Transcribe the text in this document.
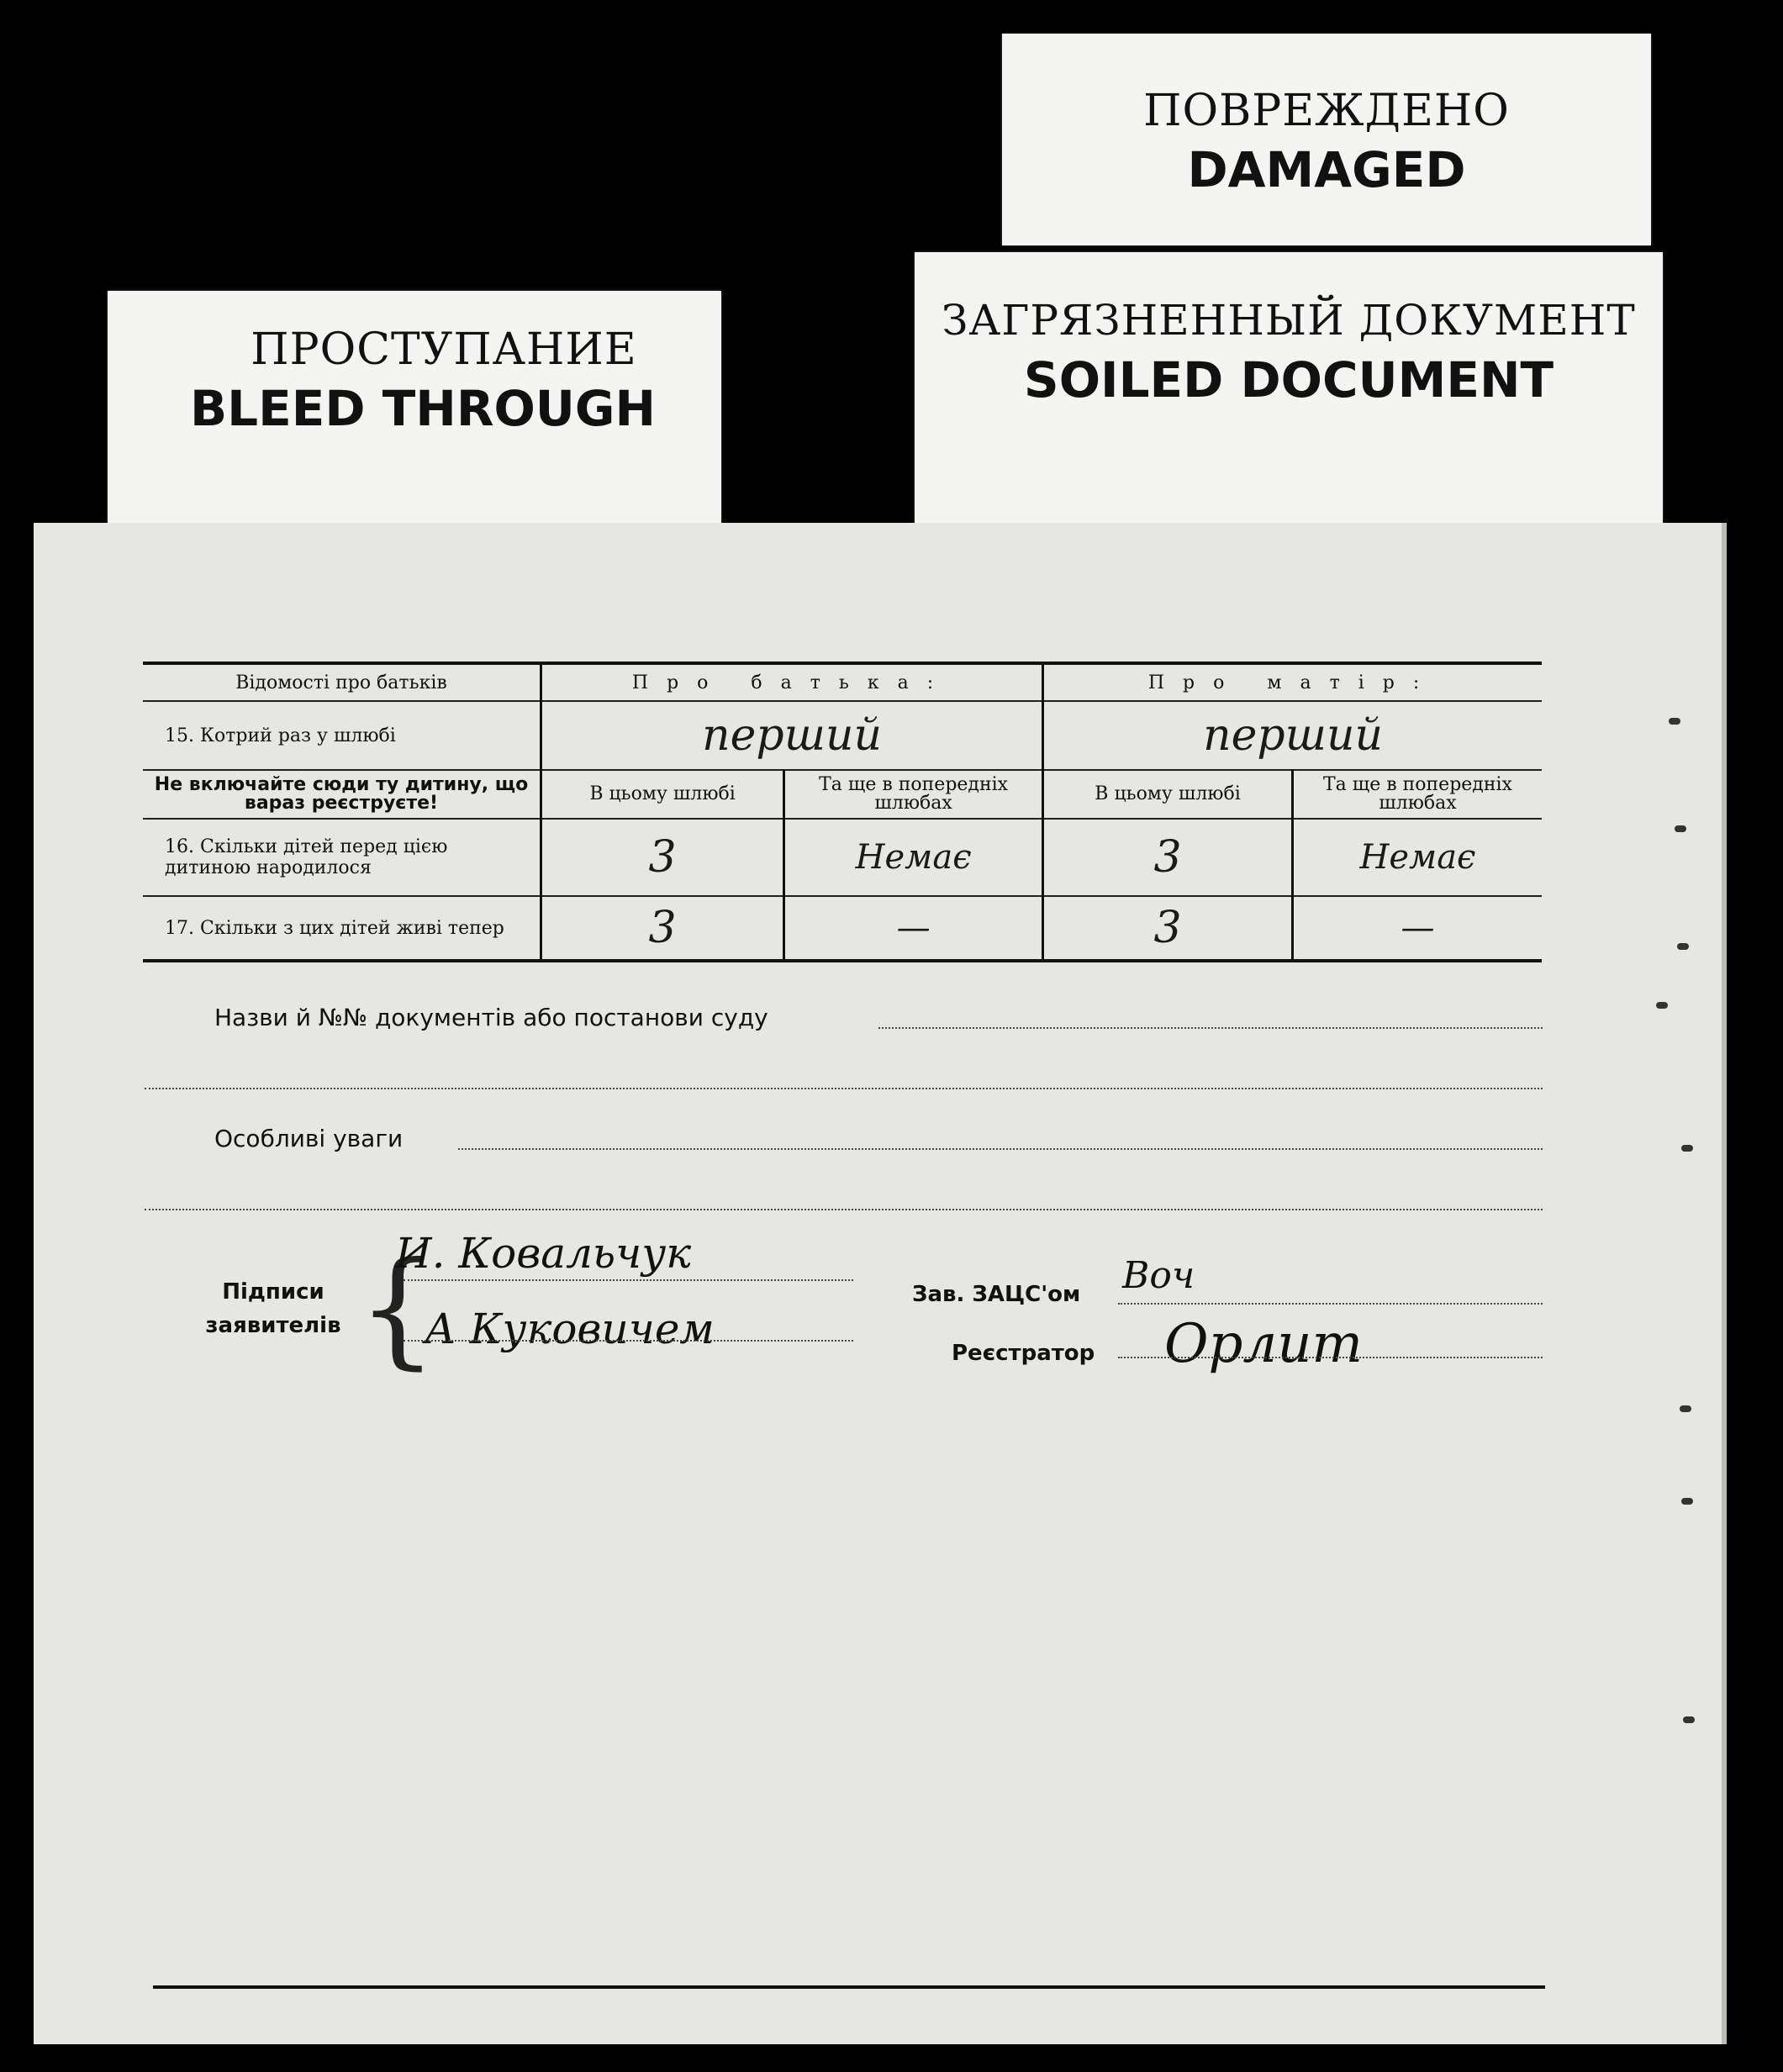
ПОВРЕЖДЕНО
DAMAGED
ПРОСТУПАНИЕ
BLEED THROUGH
ЗАГРЯЗНЕННЫЙ ДОКУМЕНТ
SOILED DOCUMENT
Відомості про батьків	Про батька:		Про матір:	
15. Котрий раз у шлюбі	перший		перший	
Не включайте сюди ту дитину, що вараз реєструєте!	В цьому шлюбі	Та ще в попередніх шлюбах	В цьому шлюбі	Та ще в попередніх шлюбах
16. Скільки дітей перед цією дитиною народилося	3	Немає	3	Немає
17. Скільки з цих дітей живі тепер	3	—	3	—
Назви й №№ документів або постанови суду
Особливі уваги
Підписи заявителів {
И. Ковальчук
А Куковичем
Зав. ЗАЦС'ом Воч
Реєстратор Орлит
